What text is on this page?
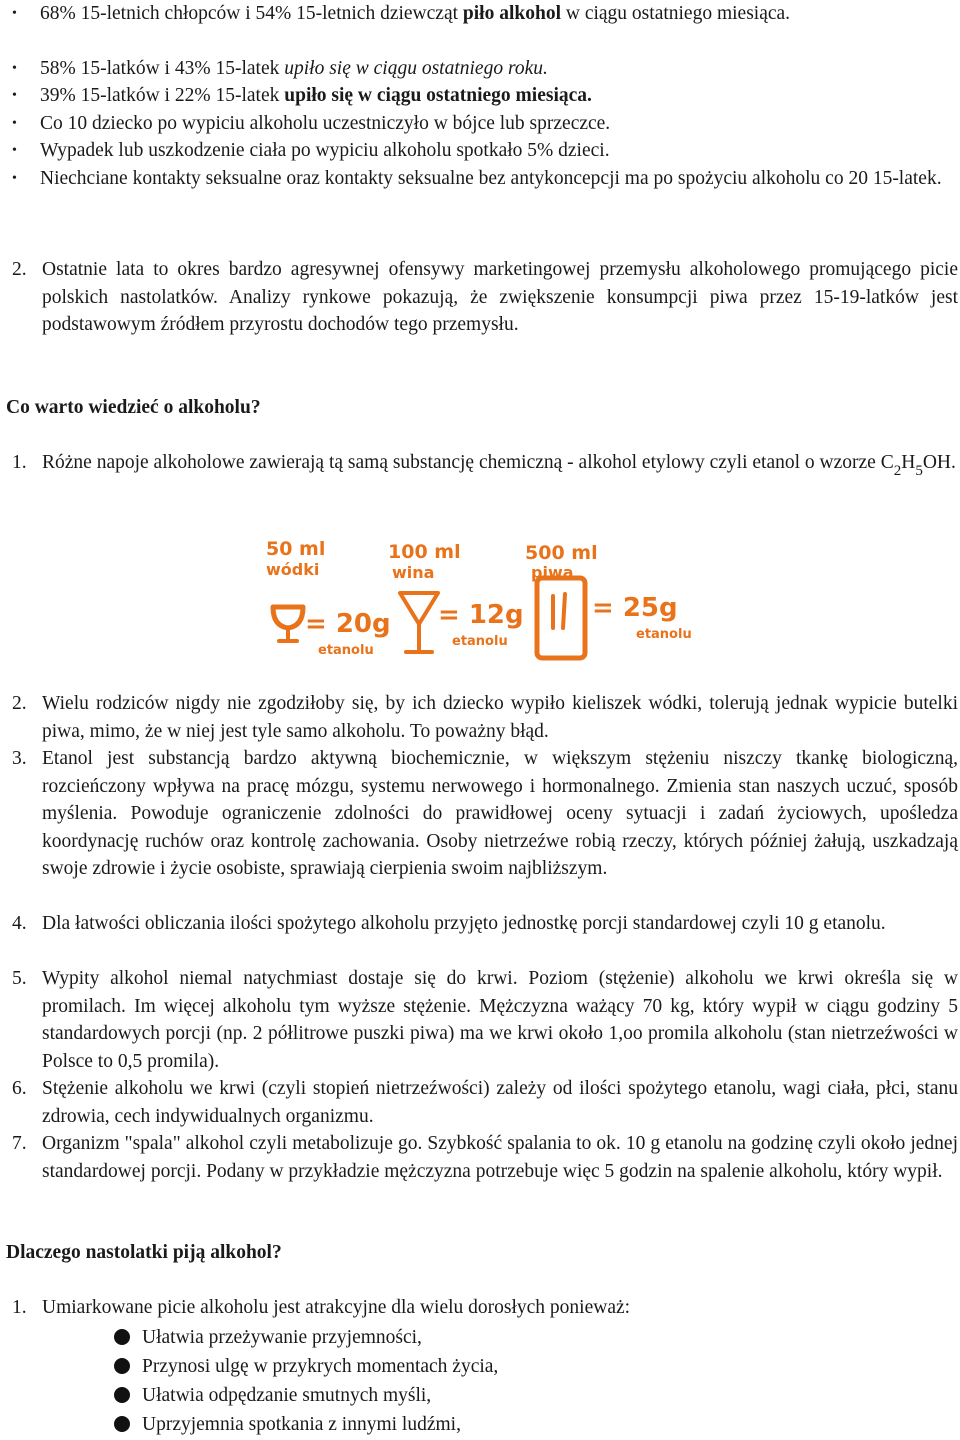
• 68% 15-letnich chłopców i 54% 15-letnich dziewcząt piło alkohol w ciągu ostatniego miesiąca.
• 58% 15-latków i 43% 15-latek upiło się w ciągu ostatniego roku.
• 39% 15-latków i 22% 15-latek upiło się w ciągu ostatniego miesiąca.
• Co 10 dziecko po wypiciu alkoholu uczestniczyło w bójce lub sprzeczce.
• Wypadek lub uszkodzenie ciała po wypiciu alkoholu spotkało 5% dzieci.
• Niechciane kontakty seksualne oraz kontakty seksualne bez antykoncepcji ma po spożyciu alkoholu co 20 15-latek.
2. Ostatnie lata to okres bardzo agresywnej ofensywy marketingowej przemysłu alkoholowego promującego picie polskich nastolatków. Analizy rynkowe pokazują, że zwiększenie konsumpcji piwa przez 15-19-latków jest podstawowym źródłem przyrostu dochodów tego przemysłu.
Co warto wiedzieć o alkoholu?
1. Różne napoje alkoholowe zawierają tą samą substancję chemiczną - alkohol etylowy czyli etanol o wzorze $C_2H_5OH$.
50 ml
wódki
= 20g
etanolu
100 ml
wina
= 12g
etanolu
500 ml
piwa
= 25g
etanolu
2. Wielu rodziców nigdy nie zgodziłoby się, by ich dziecko wypiło kieliszek wódki, tolerują jednak wypicie butelki piwa, mimo, że w niej jest tyle samo alkoholu. To poważny błąd.
3. Etanol jest substancją bardzo aktywną biochemicznie, w większym stężeniu niszczy tkankę biologiczną, rozcieńczony wpływa na pracę mózgu, systemu nerwowego i hormonalnego. Zmienia stan naszych uczuć, sposób myślenia. Powoduje ograniczenie zdolności do prawidłowej oceny sytuacji i zadań życiowych, upośledza koordynację ruchów oraz kontrolę zachowania. Osoby nietrzeźwe robią rzeczy, których później żałują, uszkadzają swoje zdrowie i życie osobiste, sprawiają cierpienia swoim najbliższym.
4. Dla łatwości obliczania ilości spożytego alkoholu przyjęto jednostkę porcji standardowej czyli 10 g etanolu.
5. Wypity alkohol niemal natychmiast dostaje się do krwi. Poziom (stężenie) alkoholu we krwi określa się w promilach. Im więcej alkoholu tym wyższe stężenie. Mężczyzna ważący 70 kg, który wypił w ciągu godziny 5 standardowych porcji (np. 2 półlitrowe puszki piwa) ma we krwi około 1,oo promila alkoholu (stan nietrzeźwości w Polsce to 0,5 promila).
6. Stężenie alkoholu we krwi (czyli stopień nietrzeźwości) zależy od ilości spożytego etanolu, wagi ciała, płci, stanu zdrowia, cech indywidualnych organizmu.
7. Organizm "spala" alkohol czyli metabolizuje go. Szybkość spalania to ok. 10 g etanolu na godzinę czyli około jednej standardowej porcji. Podany w przykładzie mężczyzna potrzebuje więc 5 godzin na spalenie alkoholu, który wypił.
Dlaczego nastolatki piją alkohol?
1. Umiarkowane picie alkoholu jest atrakcyjne dla wielu dorosłych ponieważ:
Ułatwia przeżywanie przyjemności,
Przynosi ulgę w przykrych momentach życia,
Ułatwia odpędzanie smutnych myśli,
Uprzyjemnia spotkania z innymi ludźmi,
